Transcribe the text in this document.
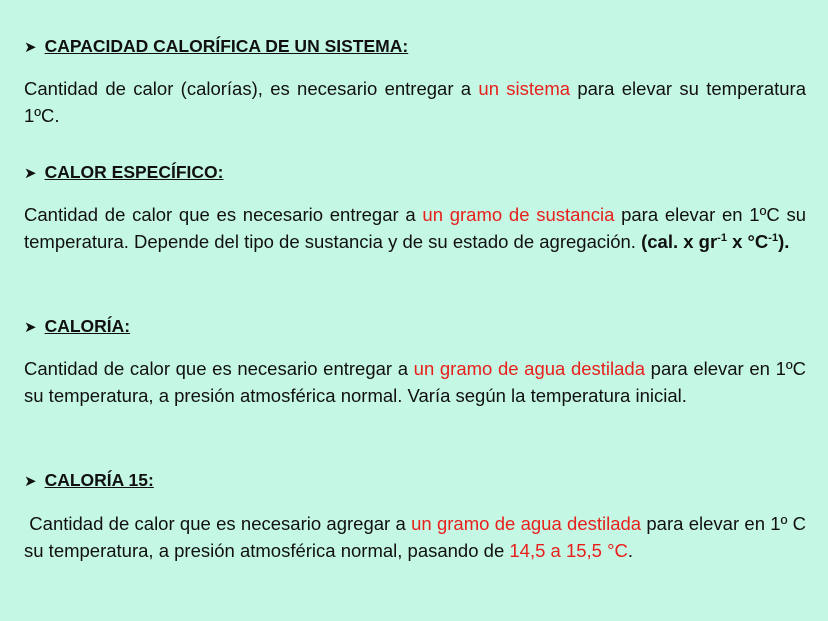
➤ CAPACIDAD CALORÍFICA DE UN SISTEMA:

Cantidad de calor (calorías), es necesario entregar a un sistema para elevar su temperatura 1ºC.

➤ CALOR ESPECÍFICO:

Cantidad de calor que es necesario entregar a un gramo de sustancia para elevar en 1ºC su temperatura. Depende del tipo de sustancia y de su estado de agregación. (cal. x $gr^{-1}$ x $^\circ C^{-1}$).

➤ CALORÍA:

Cantidad de calor que es necesario entregar a un gramo de agua destilada para elevar en 1ºC su temperatura, a presión atmosférica normal. Varía según la temperatura inicial.

➤ CALORÍA 15:

Cantidad de calor que es necesario agregar a un gramo de agua destilada para elevar en 1º C su temperatura, a presión atmosférica normal, pasando de 14,5 a 15,5 °C.
